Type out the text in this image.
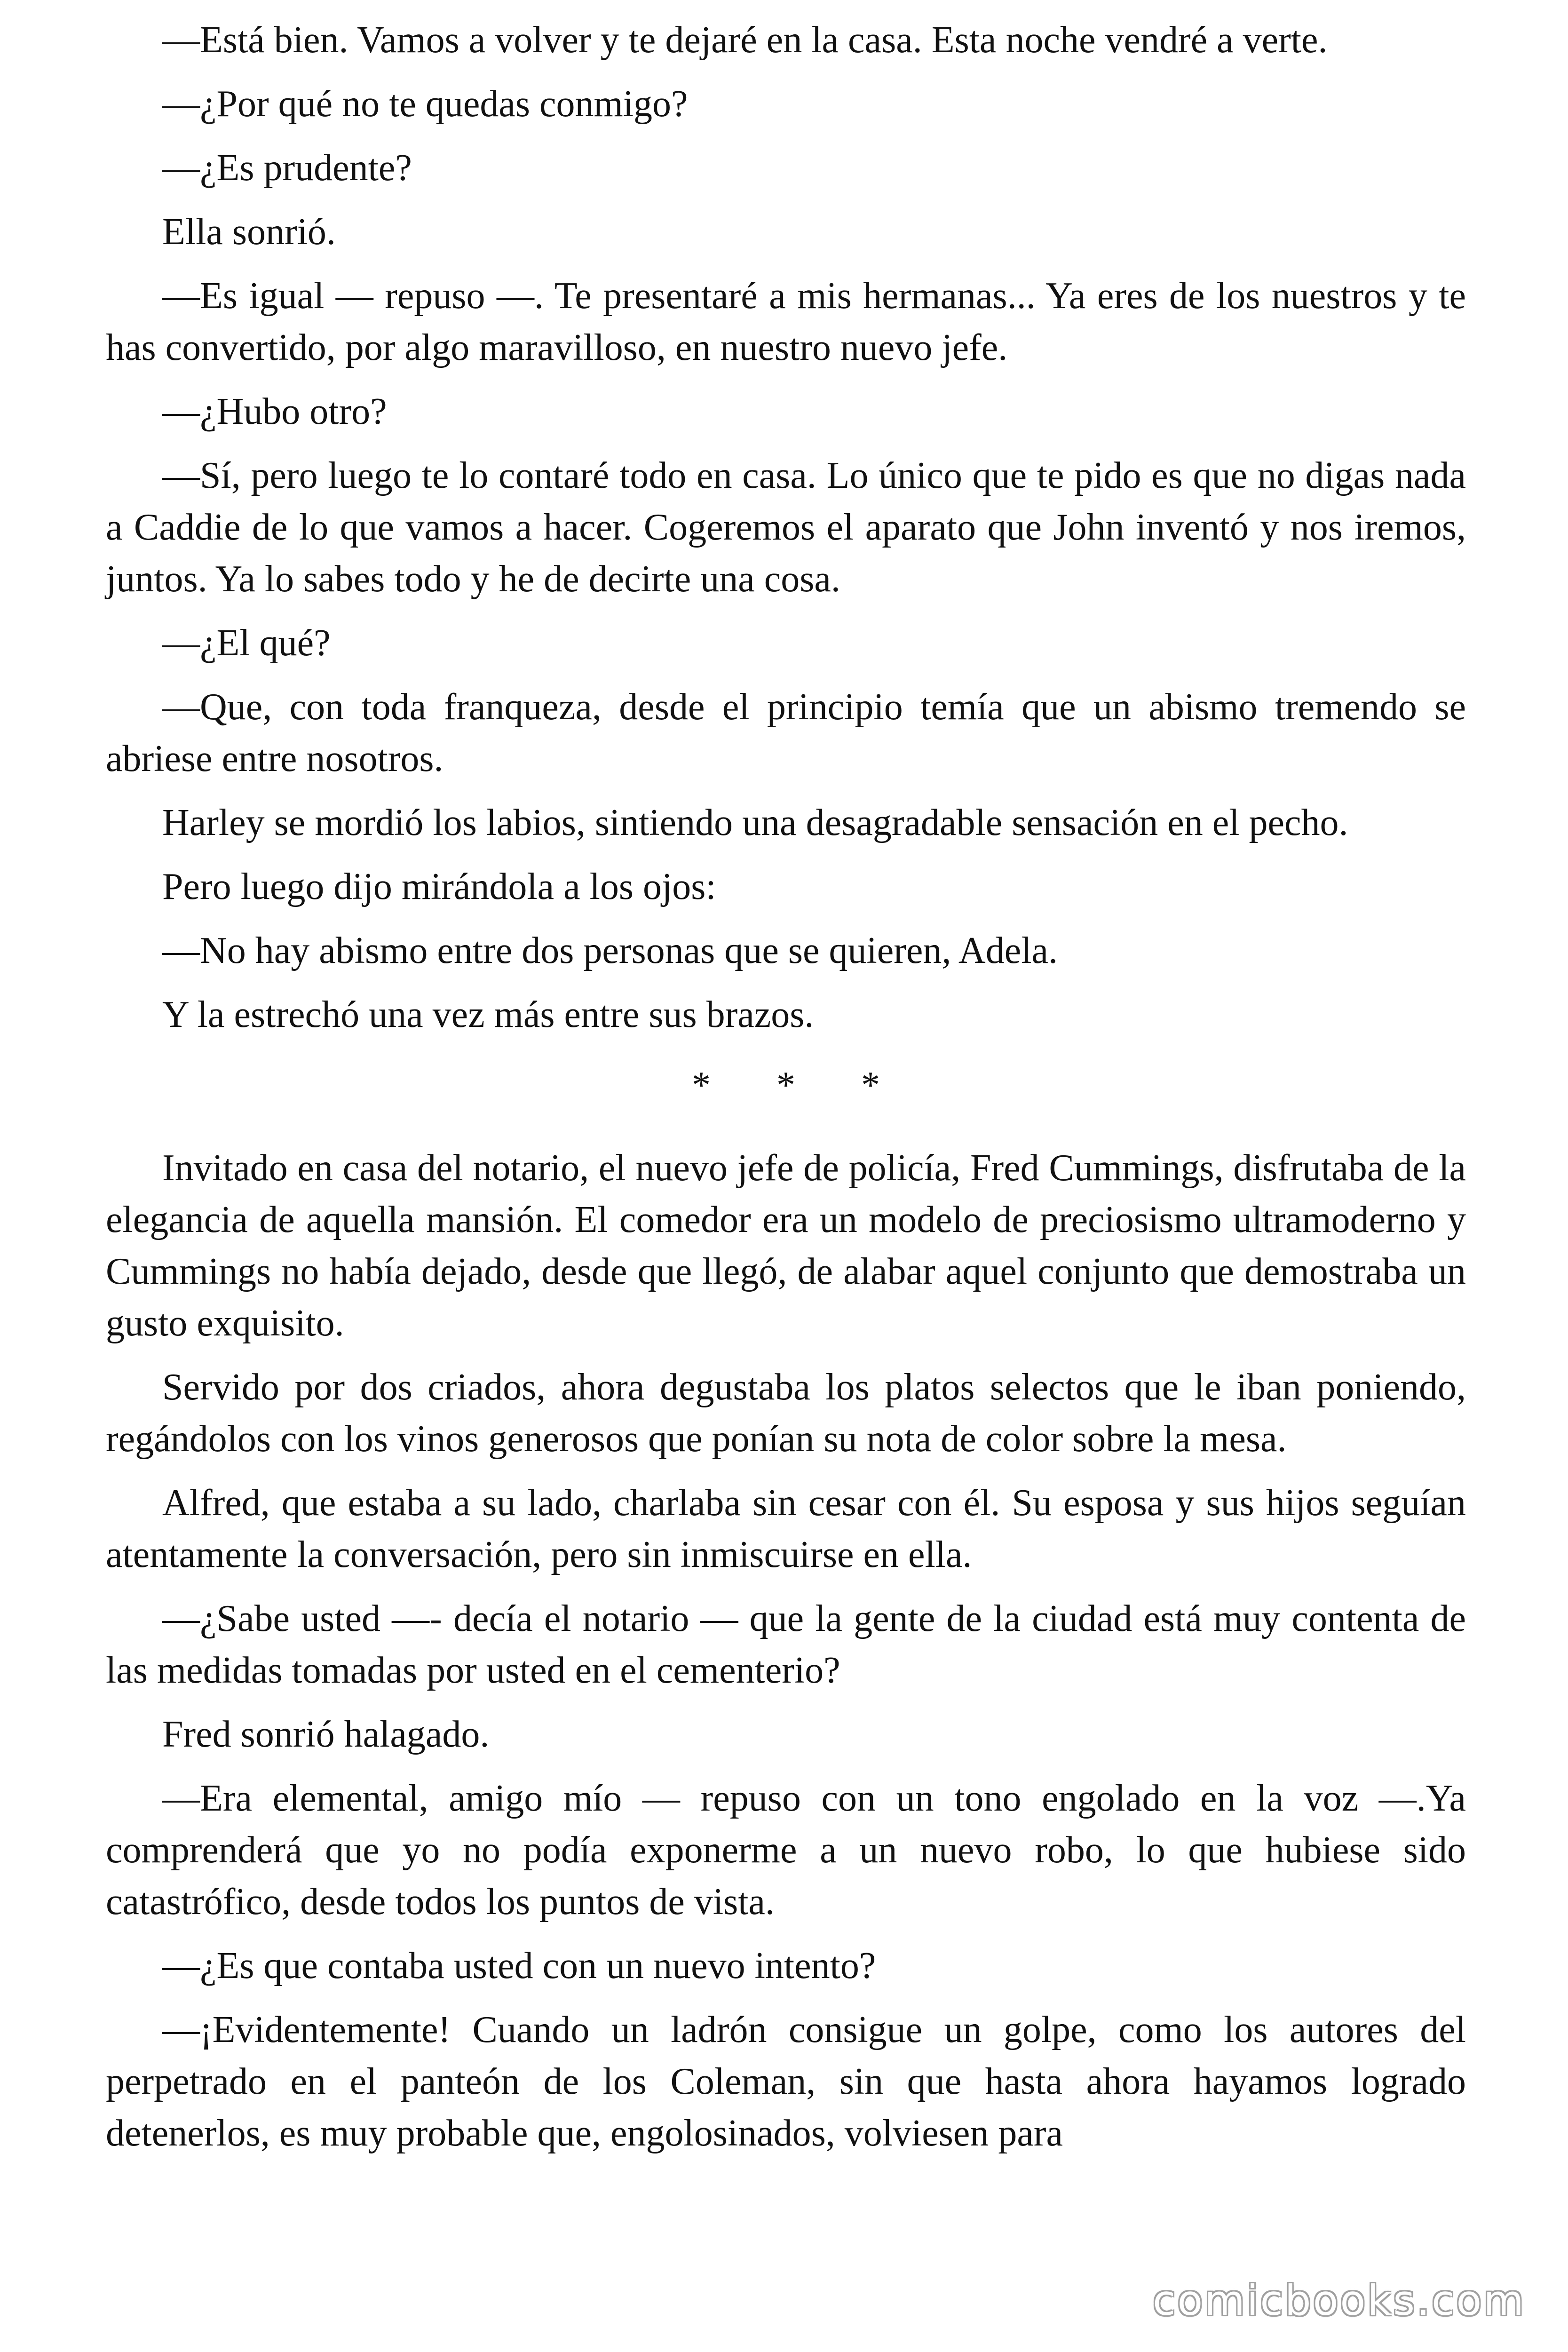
—Está bien. Vamos a volver y te dejaré en la casa. Esta noche vendré a verte.

—¿Por qué no te quedas conmigo?

—¿Es prudente?

Ella sonrió.

—Es igual — repuso —. Te presentaré a mis hermanas... Ya eres de los nuestros y te has convertido, por algo maravilloso, en nuestro nuevo jefe.

—¿Hubo otro?

—Sí, pero luego te lo contaré todo en casa. Lo único que te pido es que no digas nada a Caddie de lo que vamos a hacer. Cogeremos el aparato que John inventó y nos iremos, juntos. Ya lo sabes todo y he de decirte una cosa.

—¿El qué?

—Que, con toda franqueza, desde el principio temía que un abismo tremendo se abriese entre nosotros.

Harley se mordió los labios, sintiendo una desagradable sensación en el pecho.

Pero luego dijo mirándola a los ojos:

—No hay abismo entre dos personas que se quieren, Adela.

Y la estrechó una vez más entre sus brazos.

* * *

Invitado en casa del notario, el nuevo jefe de policía, Fred Cummings, disfrutaba de la elegancia de aquella mansión. El comedor era un modelo de preciosismo ultramoderno y Cummings no había dejado, desde que llegó, de alabar aquel conjunto que demostraba un gusto exquisito.

Servido por dos criados, ahora degustaba los platos selectos que le iban poniendo, regándolos con los vinos generosos que ponían su nota de color sobre la mesa.

Alfred, que estaba a su lado, charlaba sin cesar con él. Su esposa y sus hijos seguían atentamente la conversación, pero sin inmiscuirse en ella.

—¿Sabe usted —- decía el notario — que la gente de la ciudad está muy contenta de las medidas tomadas por usted en el cementerio?

Fred sonrió halagado.

—Era elemental, amigo mío — repuso con un tono engolado en la voz —.Ya comprenderá que yo no podía exponerme a un nuevo robo, lo que hubiese sido catastrófico, desde todos los puntos de vista.

—¿Es que contaba usted con un nuevo intento?

—¡Evidentemente! Cuando un ladrón consigue un golpe, como los autores del perpetrado en el panteón de los Coleman, sin que hasta ahora hayamos logrado detenerlos, es muy probable que, engolosinados, volviesen para

comicbooks.com
